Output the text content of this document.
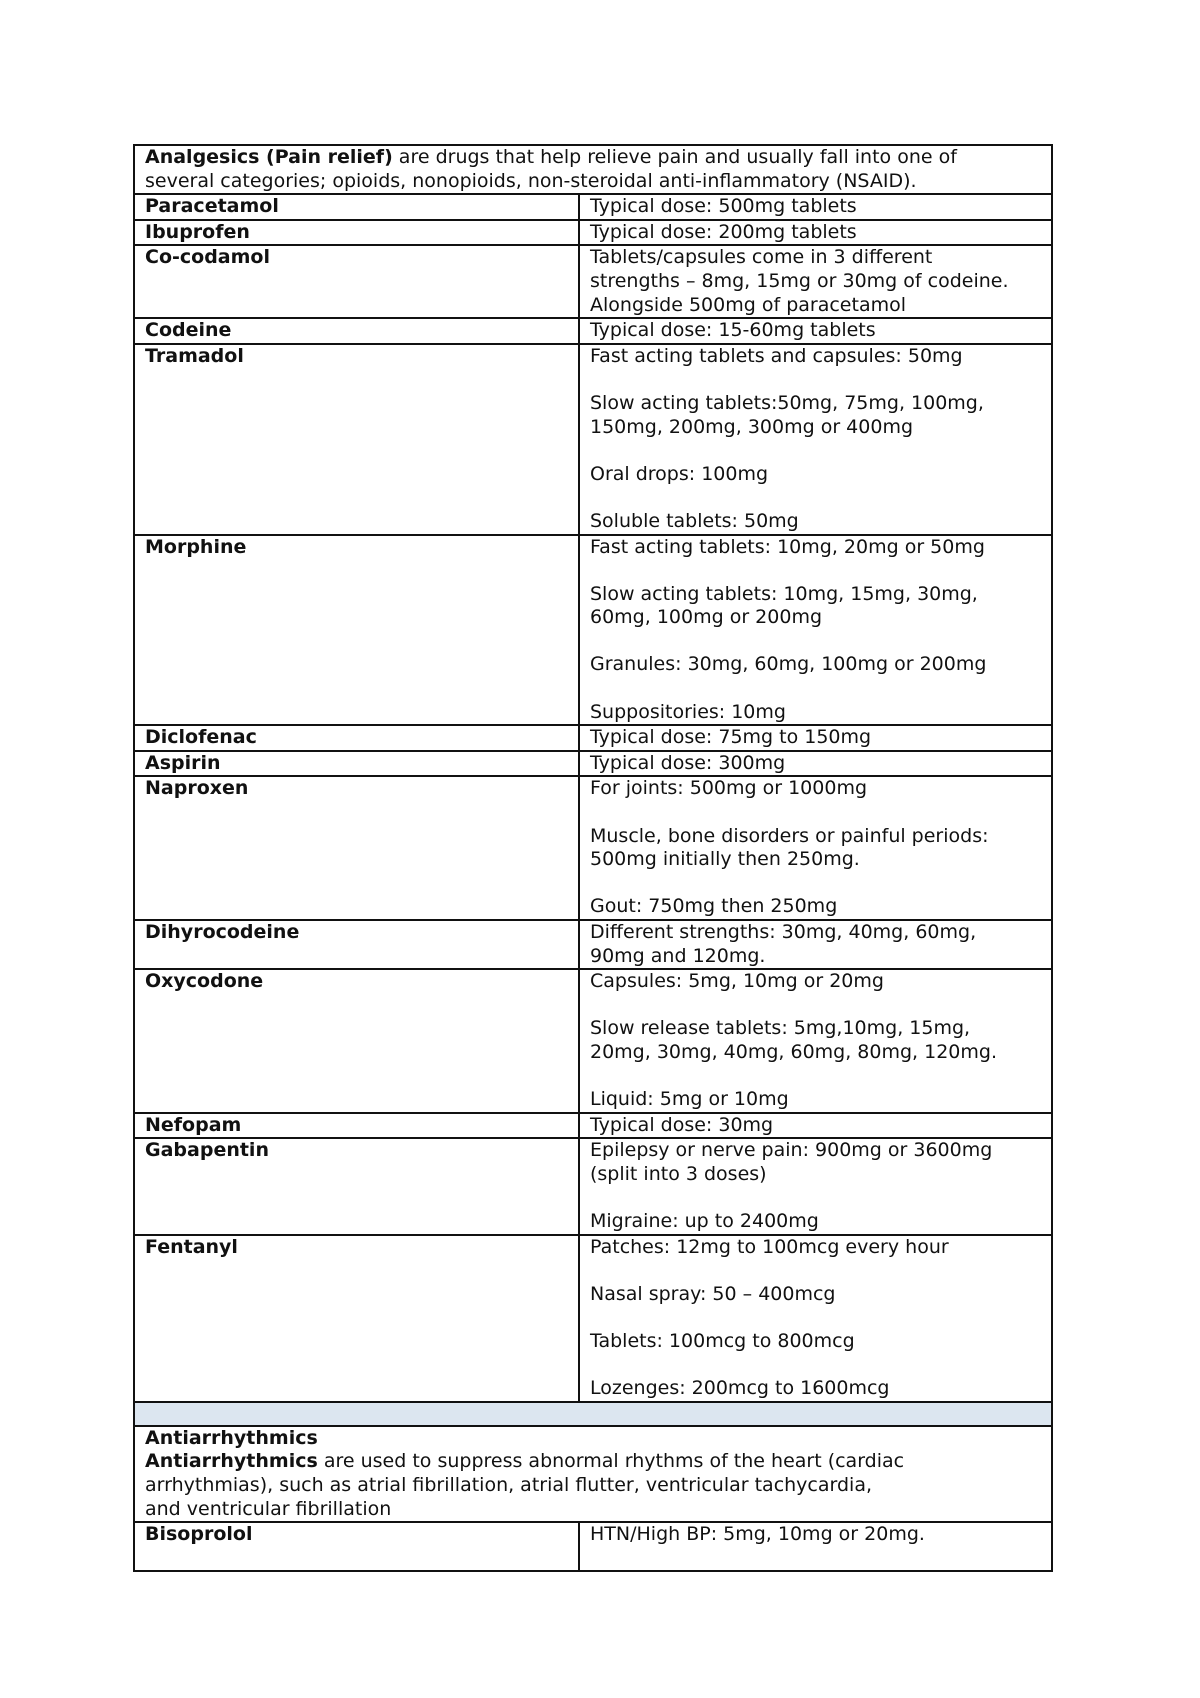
Analgesics (Pain relief) are drugs that help relieve pain and usually fall into one of
several categories; opioids, nonopioids, non-steroidal anti-inflammatory (NSAID).	

Paracetamol	Typical dose: 500mg tablets

Ibuprofen	Typical dose: 200mg tablets

Co-codamol	Tablets/capsules come in 3 different
strengths – 8mg, 15mg or 30mg of codeine.
Alongside 500mg of paracetamol

Codeine	Typical dose: 15-60mg tablets

Tramadol	Fast acting tablets and capsules: 50mg
Slow acting tablets:50mg, 75mg, 100mg,
150mg, 200mg, 300mg or 400mg
Oral drops: 100mg
Soluble tablets: 50mg

Morphine	Fast acting tablets: 10mg, 20mg or 50mg
Slow acting tablets: 10mg, 15mg, 30mg,
60mg, 100mg or 200mg
Granules: 30mg, 60mg, 100mg or 200mg
Suppositories: 10mg

Diclofenac	Typical dose: 75mg to 150mg

Aspirin	Typical dose: 300mg

Naproxen	For joints: 500mg or 1000mg
Muscle, bone disorders or painful periods:
500mg initially then 250mg.
Gout: 750mg then 250mg

Dihyrocodeine	Different strengths: 30mg, 40mg, 60mg,
90mg and 120mg.

Oxycodone	Capsules: 5mg, 10mg or 20mg
Slow release tablets: 5mg,10mg, 15mg,
20mg, 30mg, 40mg, 60mg, 80mg, 120mg.
Liquid: 5mg or 10mg

Nefopam	Typical dose: 30mg

Gabapentin	Epilepsy or nerve pain: 900mg or 3600mg
(split into 3 doses)
Migraine: up to 2400mg

Fentanyl	Patches: 12mg to 100mcg every hour
Nasal spray: 50 – 400mcg
Tablets: 100mcg to 800mcg
Lozenges: 200mcg to 1600mcg

Antiarrhythmics
Antiarrhythmics are used to suppress abnormal rhythms of the heart (cardiac
arrhythmias), such as atrial fibrillation, atrial flutter, ventricular tachycardia,
and ventricular fibrillation	

Bisoprolol	HTN/High BP: 5mg, 10mg or 20mg.
